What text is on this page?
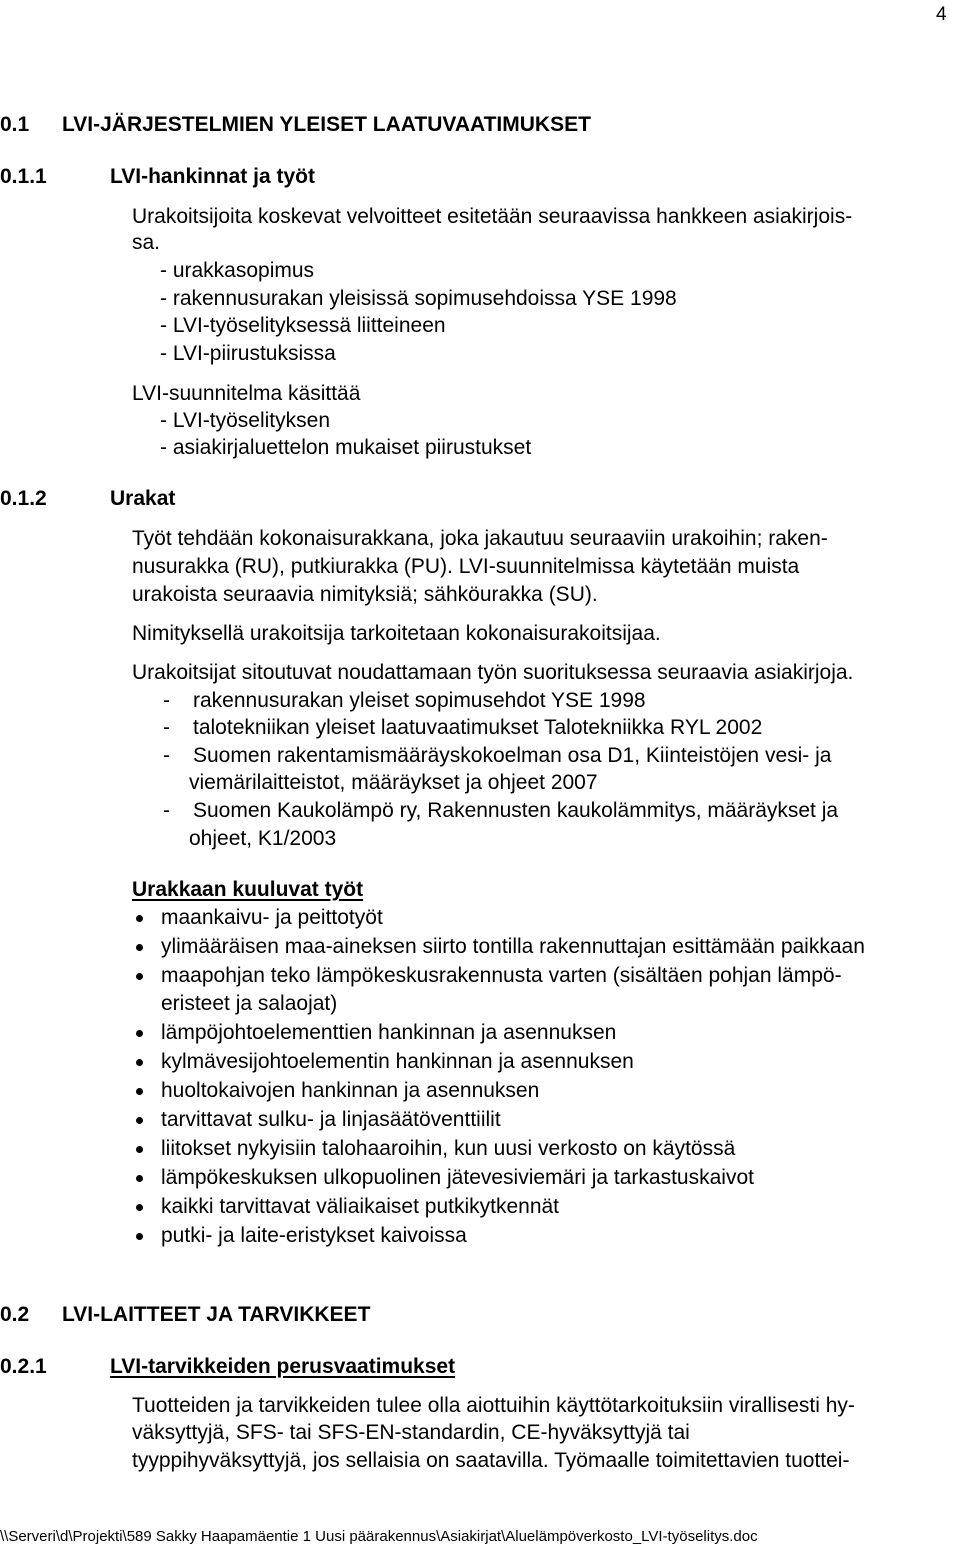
4
0.1 LVI-JÄRJESTELMIEN YLEISET LAATUVAATIMUKSET
0.1.1	LVI-hankinnat ja työt
Urakoitsijoita koskevat velvoitteet esitetään seuraavissa hankkeen asiakirjois-
sa.
- urakkasopimus
- rakennusurakan yleisissä sopimusehdoissa YSE 1998
- LVI-työselityksessä liitteineen
- LVI-piirustuksissa
LVI-suunnitelma käsittää
- LVI-työselityksen
- asiakirjaluettelon mukaiset piirustukset
0.1.2	Urakat
Työt tehdään kokonaisurakkana, joka jakautuu seuraaviin urakoihin; raken-
nusurakka (RU), putkiurakka (PU). LVI-suunnitelmissa käytetään muista
urakoista seuraavia nimityksiä; sähköurakka (SU).
Nimityksellä urakoitsija tarkoitetaan kokonaisurakoitsijaa.
Urakoitsijat sitoutuvat noudattamaan työn suorituksessa seuraavia asiakirjoja.
- rakennusurakan yleiset sopimusehdot YSE 1998
- talotekniikan yleiset laatuvaatimukset Talotekniikka RYL 2002
- Suomen rakentamismääräyskokoelman osa D1, Kiinteistöjen vesi- ja
viemärilaitteistot, määräykset ja ohjeet 2007
- Suomen Kaukolämpö ry, Rakennusten kaukolämmitys, määräykset ja
ohjeet, K1/2003
Urakkaan kuuluvat työt
maankaivu- ja peittotyöt
ylimääräisen maa-aineksen siirto tontilla rakennuttajan esittämään paikkaan
maapohjan teko lämpökeskusrakennusta varten (sisältäen pohjan lämpö-
eristeet ja salaojat)
lämpöjohtoelementtien hankinnan ja asennuksen
kylmävesijohtoelementin hankinnan ja asennuksen
huoltokaivojen hankinnan ja asennuksen
tarvittavat sulku- ja linjasäätöventtiilit
liitokset nykyisiin talohaaroihin, kun uusi verkosto on käytössä
lämpökeskuksen ulkopuolinen jätevesiviemäri ja tarkastuskaivot
kaikki tarvittavat väliaikaiset putkikytkennät
putki- ja laite-eristykset kaivoissa
0.2 LVI-LAITTEET JA TARVIKKEET
0.2.1	LVI-tarvikkeiden perusvaatimukset
Tuotteiden ja tarvikkeiden tulee olla aiottuihin käyttötarkoituksiin virallisesti hy-
väksyttyjä, SFS- tai SFS-EN-standardin, CE-hyväksyttyjä tai
tyyppihyväksyttyjä, jos sellaisia on saatavilla. Työmaalle toimitettavien tuottei-
\\Serveri\d\Projekti\589 Sakky Haapamäentie 1 Uusi päärakennus\Asiakirjat\Aluelämpöverkosto_LVI-työselitys.doc
